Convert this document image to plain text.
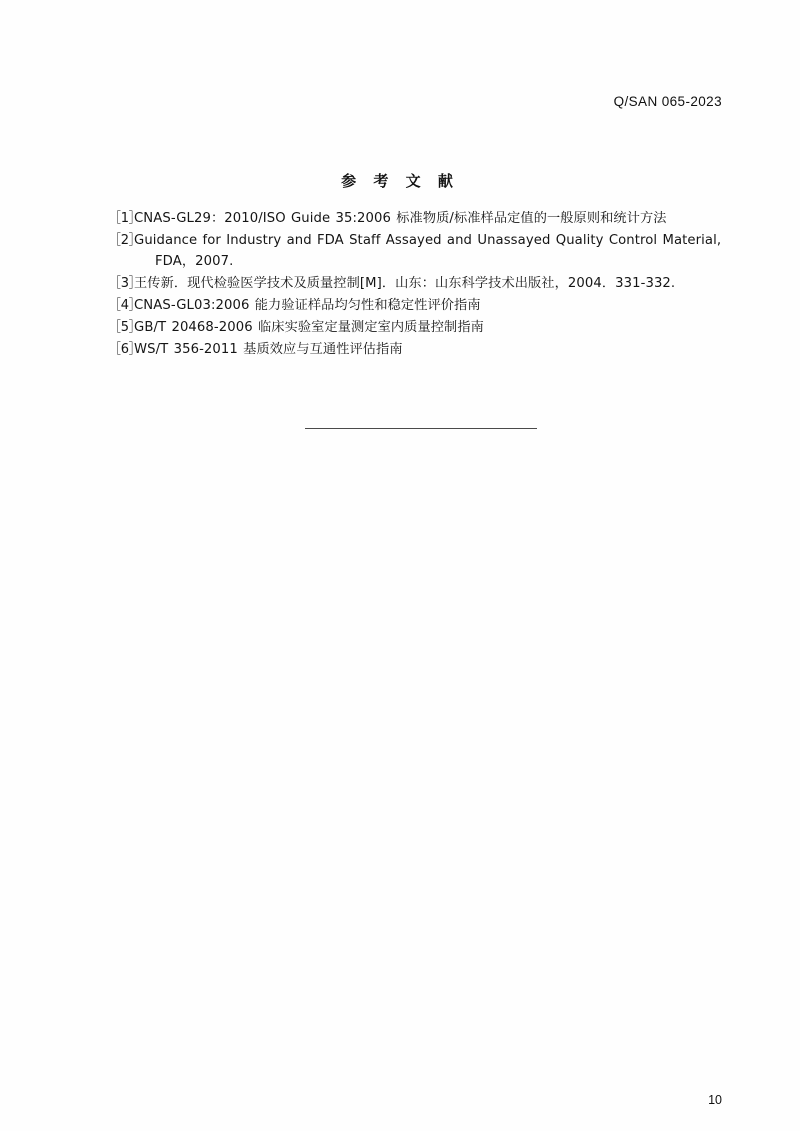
Q/SAN 065-2023
参 考 文 献
［1］
CNAS-GL29：2010/ISO Guide 35:2006 标准物质/标准样品定值的一般原则和统计方法
［2］
Guidance for Industry and FDA Staff Assayed and Unassayed Quality Control Material,
FDA，2007.
［3］
王传新．现代检验医学技术及质量控制[M]．山东：山东科学技术出版社，2004．331-332.
［4］
CNAS-GL03:2006 能力验证样品均匀性和稳定性评价指南
［5］
GB/T 20468-2006 临床实验室定量测定室内质量控制指南
［6］
WS/T 356-2011 基质效应与互通性评估指南
10
